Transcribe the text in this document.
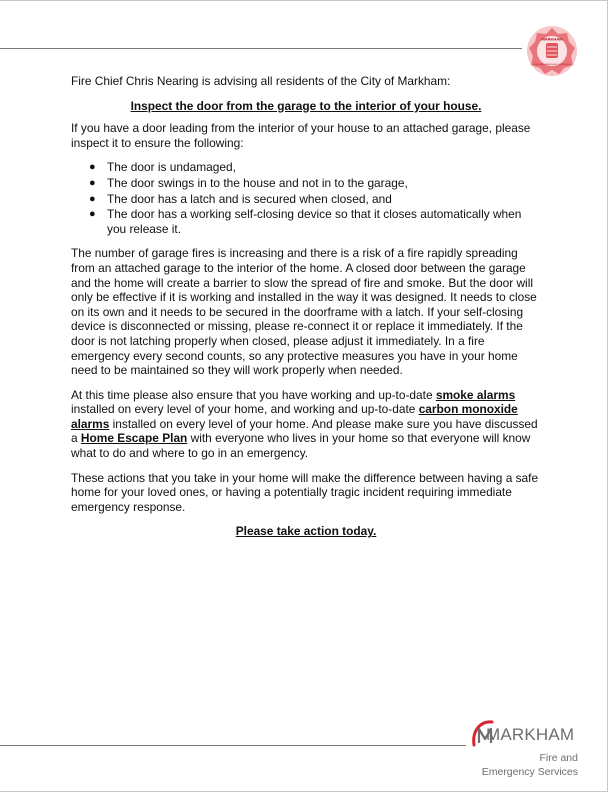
MARKHAM
FIRE AND EMERGENCY SERVICES

Fire Chief Chris Nearing is advising all residents of the City of Markham:

Inspect the door from the garage to the interior of your house.

If you have a door leading from the interior of your house to an attached garage, please inspect it to ensure the following:

● The door is undamaged,
● The door swings in to the house and not in to the garage,
● The door has a latch and is secured when closed, and
● The door has a working self-closing device so that it closes automatically when you release it.

The number of garage fires is increasing and there is a risk of a fire rapidly spreading from an attached garage to the interior of the home. A closed door between the garage and the home will create a barrier to slow the spread of fire and smoke. But the door will only be effective if it is working and installed in the way it was designed. It needs to close on its own and it needs to be secured in the doorframe with a latch. If your self-closing device is disconnected or missing, please re-connect it or replace it immediately. If the door is not latching properly when closed, please adjust it immediately. In a fire emergency every second counts, so any protective measures you have in your home need to be maintained so they will work properly when needed.

At this time please also ensure that you have working and up-to-date smoke alarms installed on every level of your home, and working and up-to-date carbon monoxide alarms installed on every level of your home. And please make sure you have discussed a Home Escape Plan with everyone who lives in your home so that everyone will know what to do and where to go in an emergency.

These actions that you take in your home will make the difference between having a safe home for your loved ones, or having a potentially tragic incident requiring immediate emergency response.

Please take action today.

MARKHAM
Fire and
Emergency Services
